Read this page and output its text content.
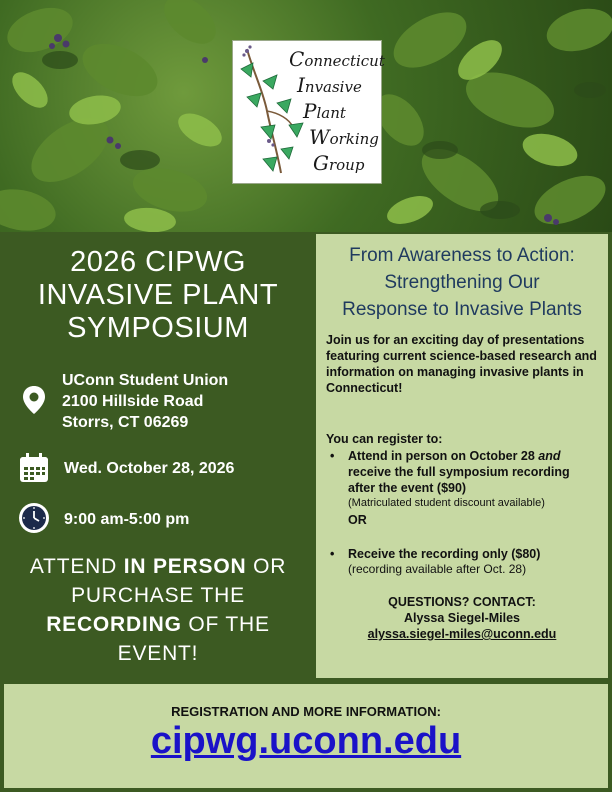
Connecticut
Invasive
Plant
Working
Group
2026 CIPWG
INVASIVE PLANT
SYMPOSIUM
UConn Student Union
2100 Hillside Road
Storrs, CT 06269
Wed. October 28, 2026
9:00 am-5:00 pm
ATTEND IN PERSON OR PURCHASE THE RECORDING OF THE EVENT!
From Awareness to Action:
Strengthening Our
Response to Invasive Plants
Join us for an exciting day of presentations featuring current science-based research and information on managing invasive plants in Connecticut!
You can register to:
• Attend in person on October 28 and receive the full symposium recording after the event ($90)
(Matriculated student discount available)
OR
• Receive the recording only ($80)
(recording available after Oct. 28)
QUESTIONS? CONTACT:
Alyssa Siegel-Miles
alyssa.siegel-miles@uconn.edu
REGISTRATION AND MORE INFORMATION:
cipwg.uconn.edu
